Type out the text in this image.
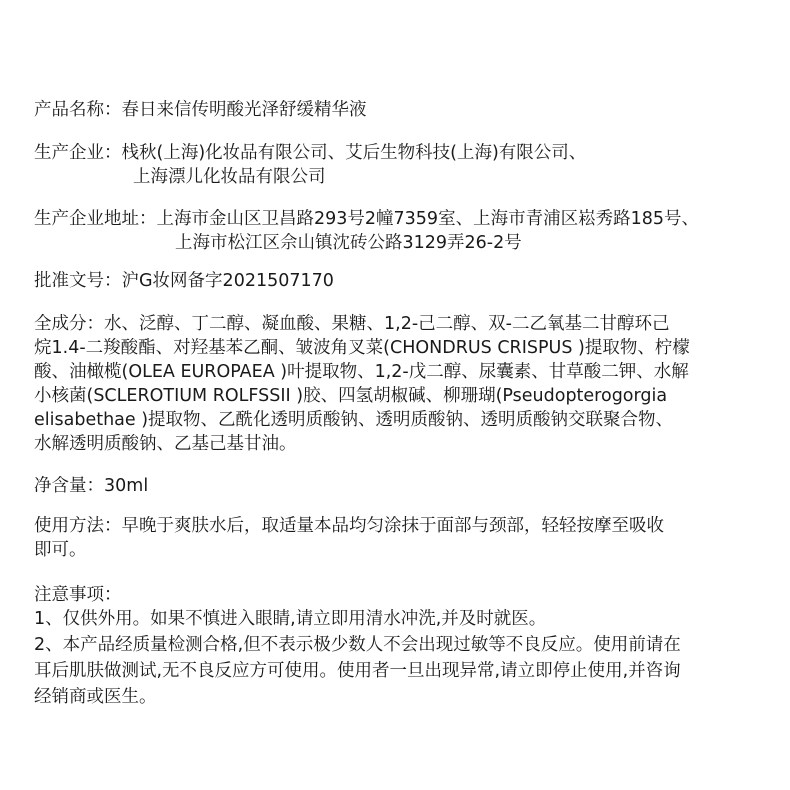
产品名称：春日来信传明酸光泽舒缓精华液
生产企业：栈秋(上海)化妆品有限公司、艾后生物科技(上海)有限公司、
上海漂儿化妆品有限公司
生产企业地址：上海市金山区卫昌路293号2幢7359室、上海市青浦区崧秀路185号、
上海市松江区佘山镇沈砖公路3129弄26-2号
批准文号：沪G妆网备字2021507170
全成分：水、泛醇、丁二醇、凝血酸、果糖、1,2-己二醇、双-二乙氧基二甘醇环己
烷1.4-二羧酸酯、对羟基苯乙酮、皱波角叉菜(CHONDRUS CRISPUS )提取物、柠檬
酸、油橄榄(OLEA EUROPAEA )叶提取物、1,2-戊二醇、尿囊素、甘草酸二钾、水解
小核菌(SCLEROTIUM ROLFSSII )胶、四氢胡椒碱、柳珊瑚(Pseudopterogorgia
elisabethae )提取物、乙酰化透明质酸钠、透明质酸钠、透明质酸钠交联聚合物、
水解透明质酸钠、乙基己基甘油。
净含量：30ml
使用方法：早晚于爽肤水后，取适量本品均匀涂抹于面部与颈部，轻轻按摩至吸收
即可。
注意事项：
1、仅供外用。如果不慎进入眼睛,请立即用清水冲洗,并及时就医。
2、本产品经质量检测合格,但不表示极少数人不会出现过敏等不良反应。使用前请在
耳后肌肤做测试,无不良反应方可使用。使用者一旦出现异常,请立即停止使用,并咨询
经销商或医生。
